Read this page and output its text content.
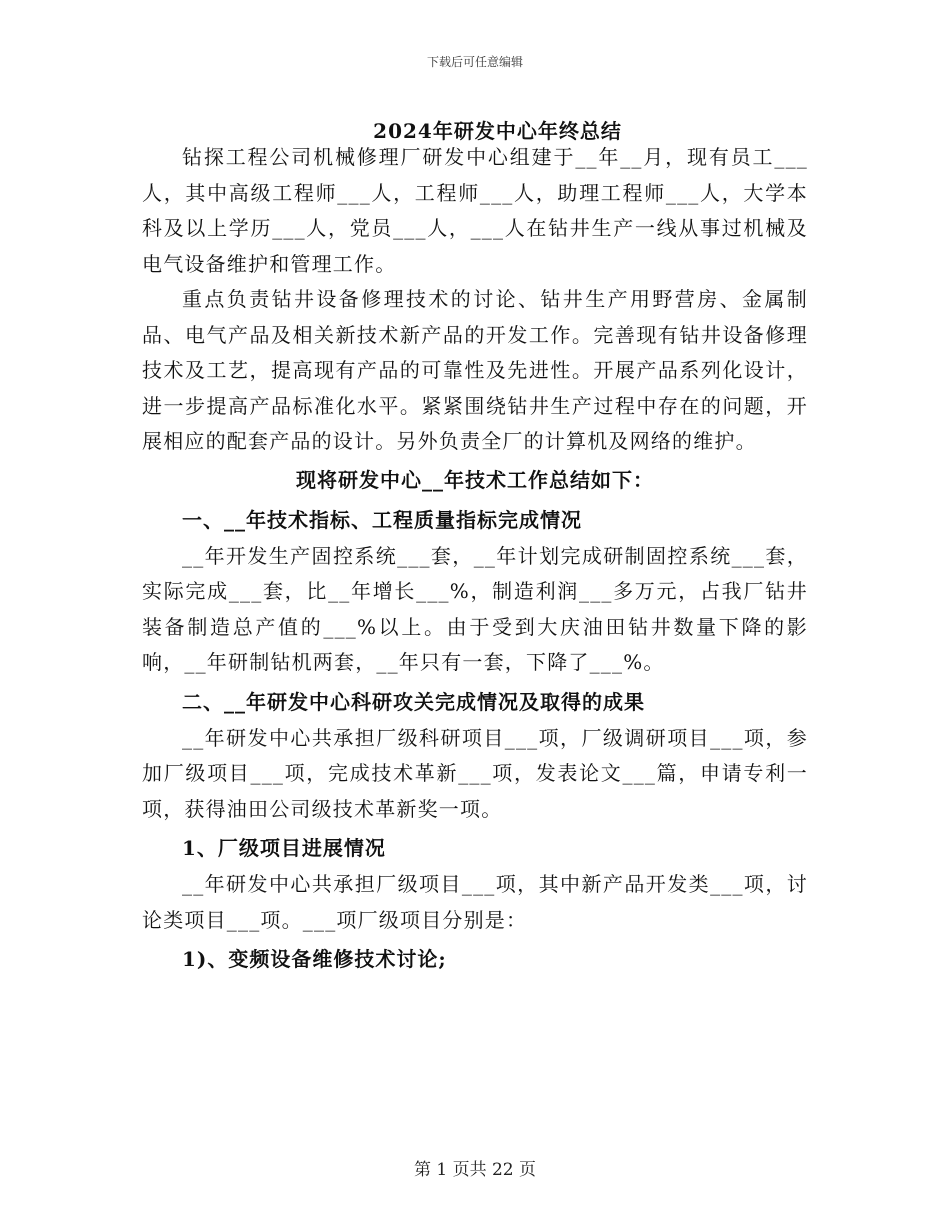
下载后可任意编辑
2024年研发中心年终总结

钻探工程公司机械修理厂研发中心组建于__年__月，现有员工___人，其中高级工程师___人，工程师___人，助理工程师___人，大学本科及以上学历___人，党员___人，___人在钻井生产一线从事过机械及电气设备维护和管理工作。

重点负责钻井设备修理技术的讨论、钻井生产用野营房、金属制品、电气产品及相关新技术新产品的开发工作。完善现有钻井设备修理技术及工艺，提高现有产品的可靠性及先进性。开展产品系列化设计，进一步提高产品标准化水平。紧紧围绕钻井生产过程中存在的问题，开展相应的配套产品的设计。另外负责全厂的计算机及网络的维护。

现将研发中心__年技术工作总结如下：

一、__年技术指标、工程质量指标完成情况

__年开发生产固控系统___套，__年计划完成研制固控系统___套，实际完成___套，比__年增长___%，制造利润___多万元，占我厂钻井装备制造总产值的___%以上。由于受到大庆油田钻井数量下降的影响，__年研制钻机两套，__年只有一套，下降了___%。

二、__年研发中心科研攻关完成情况及取得的成果

__年研发中心共承担厂级科研项目___项，厂级调研项目___项，参加厂级项目___项，完成技术革新___项，发表论文___篇，申请专利一项，获得油田公司级技术革新奖一项。

1、厂级项目进展情况

__年研发中心共承担厂级项目___项，其中新产品开发类___项，讨论类项目___项。___项厂级项目分别是：

1)、变频设备维修技术讨论;

第 1 页共 22 页
